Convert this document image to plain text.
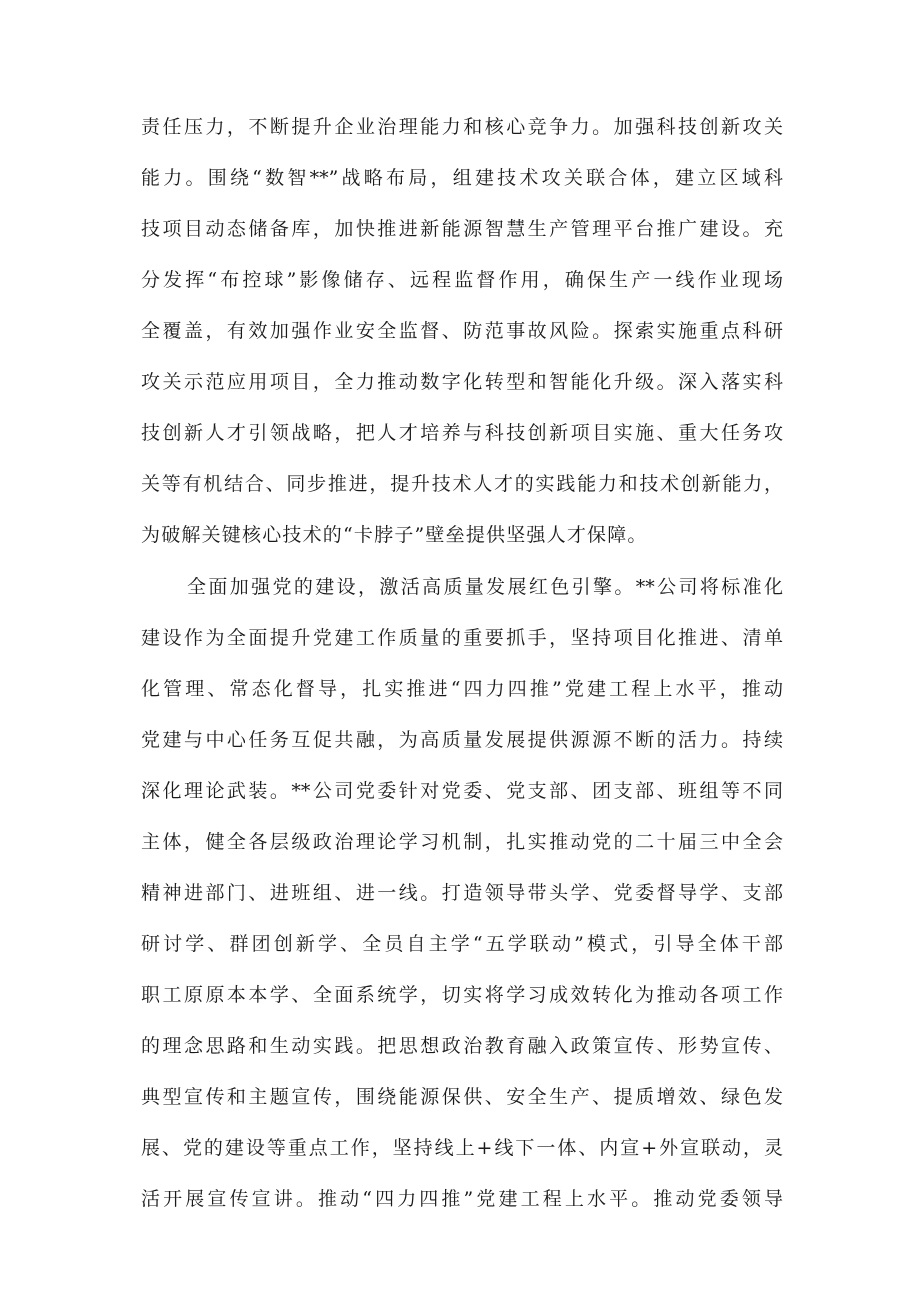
责任压力，不断提升企业治理能力和核心竞争力。加强科技创新攻关
能力。围绕“数智**”战略布局，组建技术攻关联合体，建立区域科
技项目动态储备库，加快推进新能源智慧生产管理平台推广建设。充
分发挥“布控球”影像储存、远程监督作用，确保生产一线作业现场
全覆盖，有效加强作业安全监督、防范事故风险。探索实施重点科研
攻关示范应用项目，全力推动数字化转型和智能化升级。深入落实科
技创新人才引领战略，把人才培养与科技创新项目实施、重大任务攻
关等有机结合、同步推进，提升技术人才的实践能力和技术创新能力，
为破解关键核心技术的“卡脖子”壁垒提供坚强人才保障。
全面加强党的建设，激活高质量发展红色引擎。**公司将标准化
建设作为全面提升党建工作质量的重要抓手，坚持项目化推进、清单
化管理、常态化督导，扎实推进“四力四推”党建工程上水平，推动
党建与中心任务互促共融，为高质量发展提供源源不断的活力。持续
深化理论武装。**公司党委针对党委、党支部、团支部、班组等不同
主体，健全各层级政治理论学习机制，扎实推动党的二十届三中全会
精神进部门、进班组、进一线。打造领导带头学、党委督导学、支部
研讨学、群团创新学、全员自主学“五学联动”模式，引导全体干部
职工原原本本学、全面系统学，切实将学习成效转化为推动各项工作
的理念思路和生动实践。把思想政治教育融入政策宣传、形势宣传、
典型宣传和主题宣传，围绕能源保供、安全生产、提质增效、绿色发
展、党的建设等重点工作，坚持线上+线下一体、内宣+外宣联动，灵
活开展宣传宣讲。推动“四力四推”党建工程上水平。推动党委领导
